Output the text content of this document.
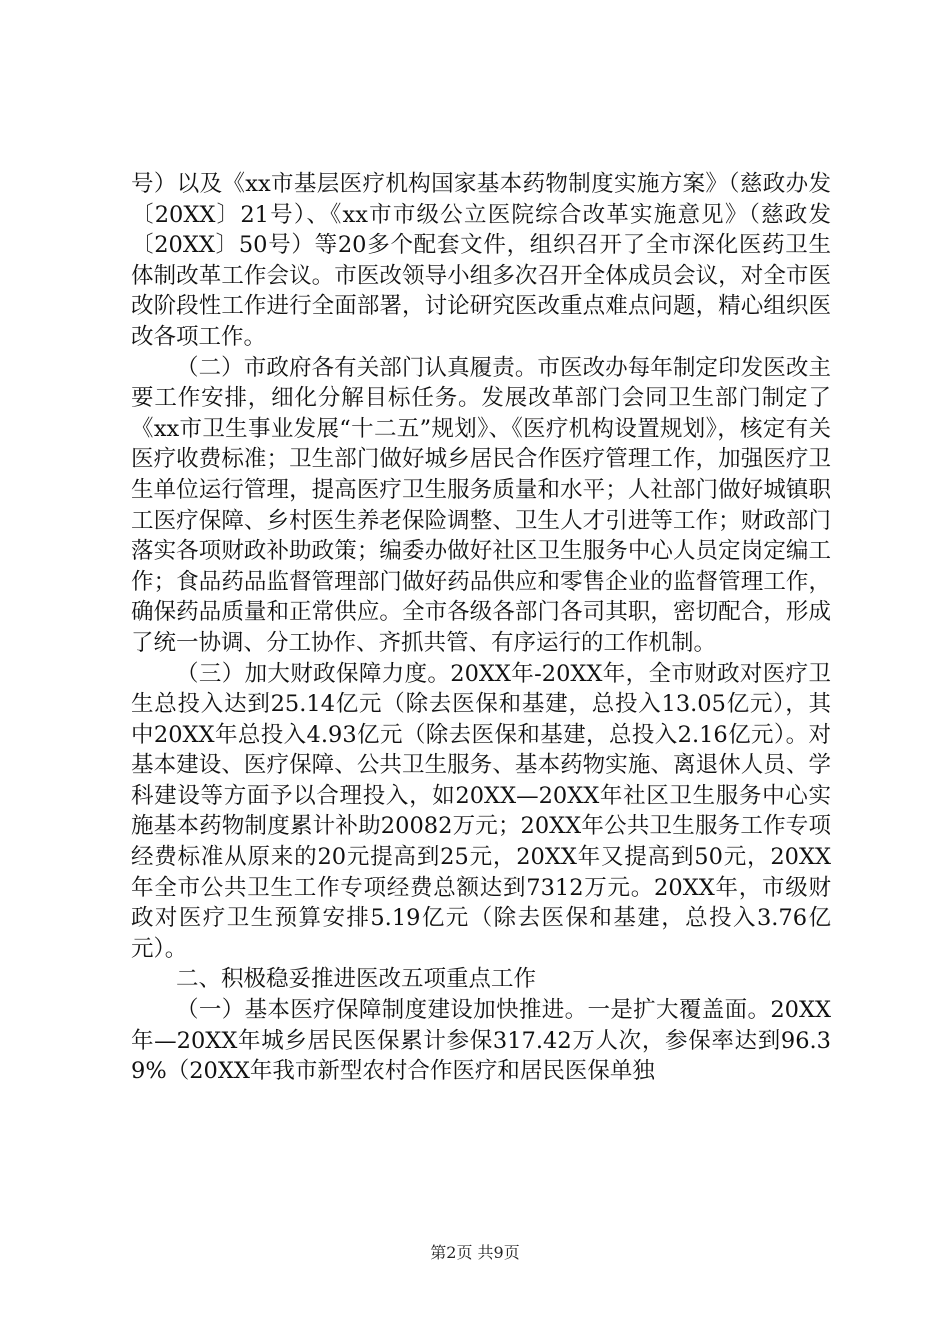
号）以及《xx市基层医疗机构国家基本药物制度实施方案》（慈政办发〔20XX〕21号）、《xx市市级公立医院综合改革实施意见》（慈政发〔20XX〕50号）等20多个配套文件，组织召开了全市深化医药卫生体制改革工作会议。市医改领导小组多次召开全体成员会议，对全市医改阶段性工作进行全面部署，讨论研究医改重点难点问题，精心组织医改各项工作。

（二）市政府各有关部门认真履责。市医改办每年制定印发医改主要工作安排，细化分解目标任务。发展改革部门会同卫生部门制定了《xx市卫生事业发展“十二五”规划》、《医疗机构设置规划》，核定有关医疗收费标准；卫生部门做好城乡居民合作医疗管理工作，加强医疗卫生单位运行管理，提高医疗卫生服务质量和水平；人社部门做好城镇职工医疗保障、乡村医生养老保险调整、卫生人才引进等工作；财政部门落实各项财政补助政策；编委办做好社区卫生服务中心人员定岗定编工作；食品药品监督管理部门做好药品供应和零售企业的监督管理工作，确保药品质量和正常供应。全市各级各部门各司其职，密切配合，形成了统一协调、分工协作、齐抓共管、有序运行的工作机制。

（三）加大财政保障力度。20XX年-20XX年，全市财政对医疗卫生总投入达到25.14亿元（除去医保和基建，总投入13.05亿元），其中20XX年总投入4.93亿元（除去医保和基建，总投入2.16亿元）。对基本建设、医疗保障、公共卫生服务、基本药物实施、离退休人员、学科建设等方面予以合理投入，如20XX—20XX年社区卫生服务中心实施基本药物制度累计补助20082万元；20XX年公共卫生服务工作专项经费标准从原来的20元提高到25元，20XX年又提高到50元，20XX年全市公共卫生工作专项经费总额达到7312万元。20XX年，市级财政对医疗卫生预算安排5.19亿元（除去医保和基建，总投入3.76亿元）。

二、积极稳妥推进医改五项重点工作

（一）基本医疗保障制度建设加快推进。一是扩大覆盖面。20XX年—20XX年城乡居民医保累计参保317.42万人次，参保率达到96.39%（20XX年我市新型农村合作医疗和居民医保单独

第2页 共9页
